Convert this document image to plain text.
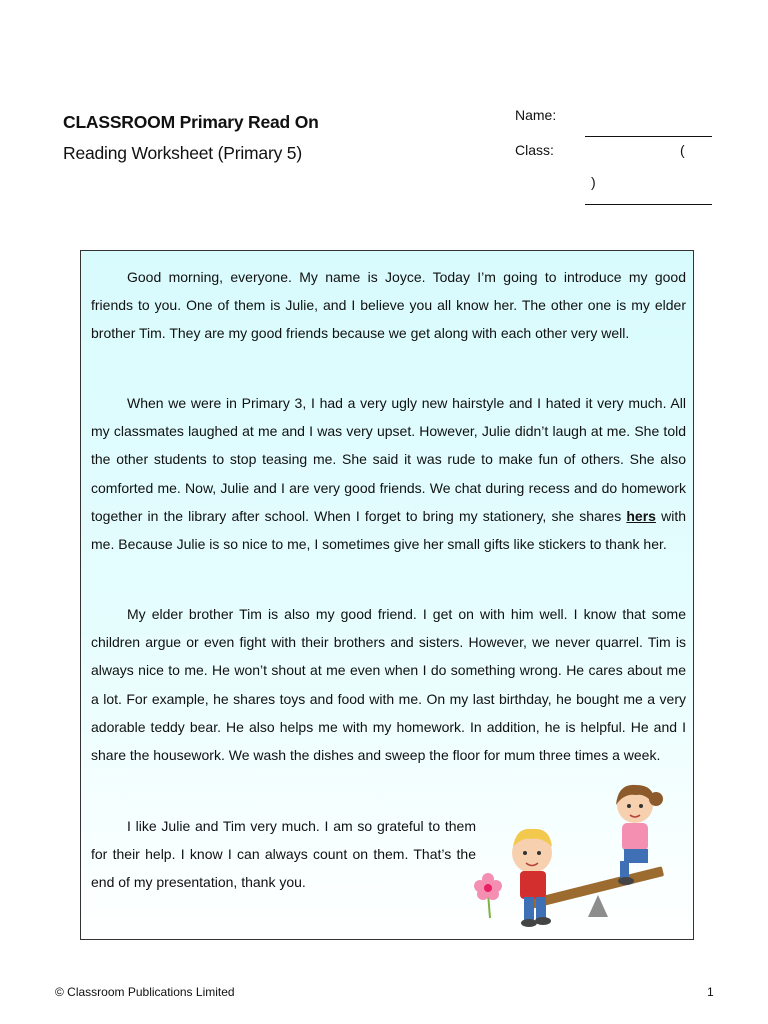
CLASSROOM Primary Read On
Reading Worksheet (Primary 5)
Name:
Class:	(
)

Good morning, everyone. My name is Joyce. Today I’m going to introduce my good friends to you. One of them is Julie, and I believe you all know her. The other one is my elder brother Tim. They are my good friends because we get along with each other very well.

When we were in Primary 3, I had a very ugly new hairstyle and I hated it very much. All my classmates laughed at me and I was very upset. However, Julie didn’t laugh at me. She told the other students to stop teasing me. She said it was rude to make fun of others. She also comforted me. Now, Julie and I are very good friends. We chat during recess and do homework together in the library after school. When I forget to bring my stationery, she shares hers with me. Because Julie is so nice to me, I sometimes give her small gifts like stickers to thank her.

My elder brother Tim is also my good friend. I get on with him well. I know that some children argue or even fight with their brothers and sisters. However, we never quarrel. Tim is always nice to me. He won’t shout at me even when I do something wrong. He cares about me a lot. For example, he shares toys and food with me. On my last birthday, he bought me a very adorable teddy bear. He also helps me with my homework. In addition, he is helpful. He and I share the housework. We wash the dishes and sweep the floor for mum three times a week.

I like Julie and Tim very much. I am so grateful to them for their help. I know I can always count on them. That’s the end of my presentation, thank you.

© Classroom Publications Limited	1
